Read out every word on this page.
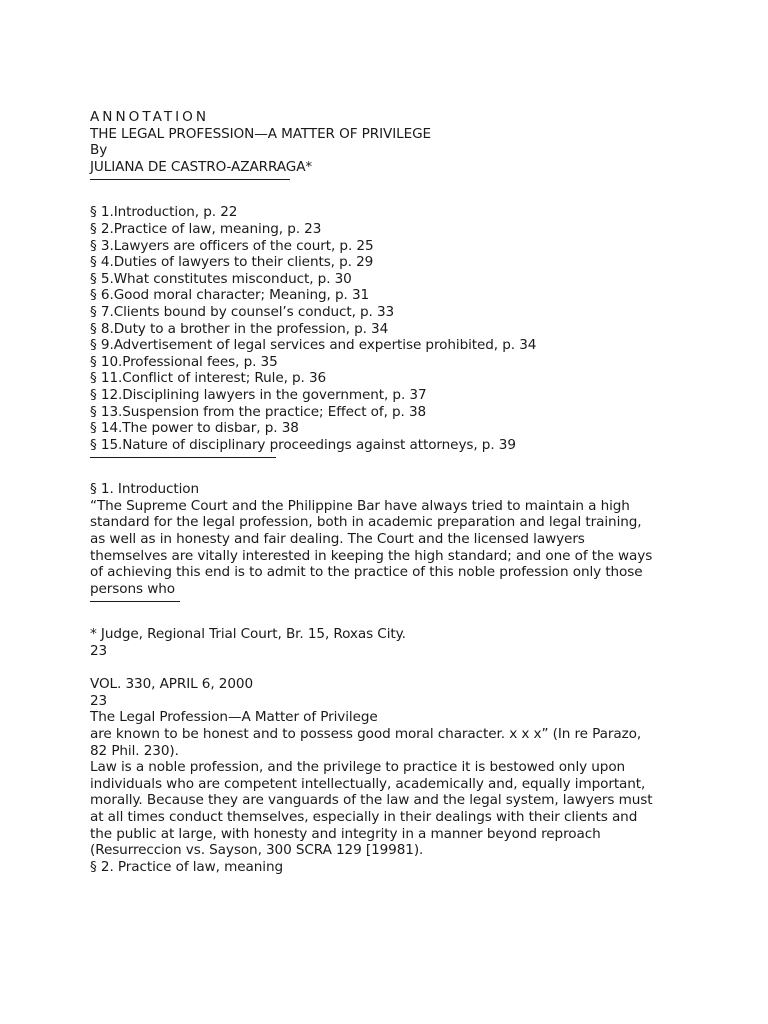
ANNOTATION
THE LEGAL PROFESSION—A MATTER OF PRIVILEGE
By
JULIANA DE CASTRO-AZARRAGA*
§ 1.Introduction, p. 22
§ 2.Practice of law, meaning, p. 23
§ 3.Lawyers are officers of the court, p. 25
§ 4.Duties of lawyers to their clients, p. 29
§ 5.What constitutes misconduct, p. 30
§ 6.Good moral character; Meaning, p. 31
§ 7.Clients bound by counsel’s conduct, p. 33
§ 8.Duty to a brother in the profession, p. 34
§ 9.Advertisement of legal services and expertise prohibited, p. 34
§ 10.Professional fees, p. 35
§ 11.Conflict of interest; Rule, p. 36
§ 12.Disciplining lawyers in the government, p. 37
§ 13.Suspension from the practice; Effect of, p. 38
§ 14.The power to disbar, p. 38
§ 15.Nature of disciplinary proceedings against attorneys, p. 39
§ 1. Introduction
“The Supreme Court and the Philippine Bar have always tried to maintain a high
standard for the legal profession, both in academic preparation and legal training,
as well as in honesty and fair dealing. The Court and the licensed lawyers
themselves are vitally interested in keeping the high standard; and one of the ways
of achieving this end is to admit to the practice of this noble profession only those
persons who
* Judge, Regional Trial Court, Br. 15, Roxas City.
23
VOL. 330, APRIL 6, 2000
23
The Legal Profession—A Matter of Privilege
are known to be honest and to possess good moral character. x x x” (In re Parazo,
82 Phil. 230).
Law is a noble profession, and the privilege to practice it is bestowed only upon
individuals who are competent intellectually, academically and, equally important,
morally. Because they are vanguards of the law and the legal system, lawyers must
at all times conduct themselves, especially in their dealings with their clients and
the public at large, with honesty and integrity in a manner beyond reproach
(Resurreccion vs. Sayson, 300 SCRA 129 [19981).
§ 2. Practice of law, meaning
